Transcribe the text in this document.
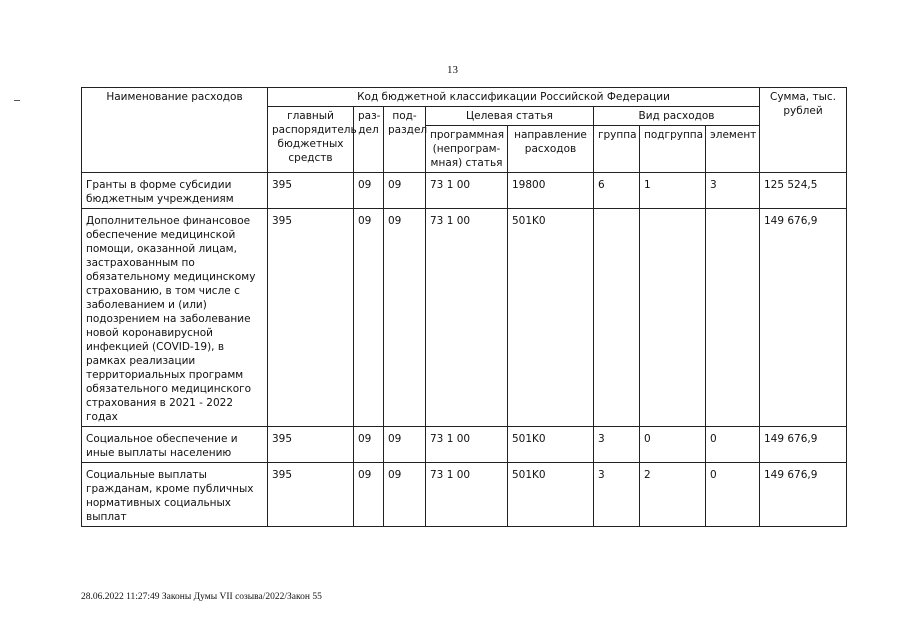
13
Наименование расходов	Код бюджетной классификации Российской Федерации								Сумма, тыс. рублей
	главный распорядитель бюджетных средств	раз-дел	под-раздел	Целевая статья		Вид расходов			
				программная (непрограм-мная) статья	направление расходов	группа	подгруппа	элемент	
Гранты в форме субсидии бюджетным учреждениям	395	09	09	73 1 00	19800	6	1	3	125 524,5
Дополнительное финансовое обеспечение медицинской помощи, оказанной лицам, застрахованным по обязательному медицинскому страхованию, в том числе с заболеванием и (или) подозрением на заболевание новой коронавирусной инфекцией (COVID-19), в рамках реализации территориальных программ обязательного медицинского страхования в 2021 - 2022 годах	395	09	09	73 1 00	501K0				149 676,9
Социальное обеспечение и иные выплаты населению	395	09	09	73 1 00	501K0	3	0	0	149 676,9
Социальные выплаты гражданам, кроме публичных нормативных социальных выплат	395	09	09	73 1 00	501K0	3	2	0	149 676,9
28.06.2022 11:27:49 Законы Думы VII созыва/2022/Закон 55
